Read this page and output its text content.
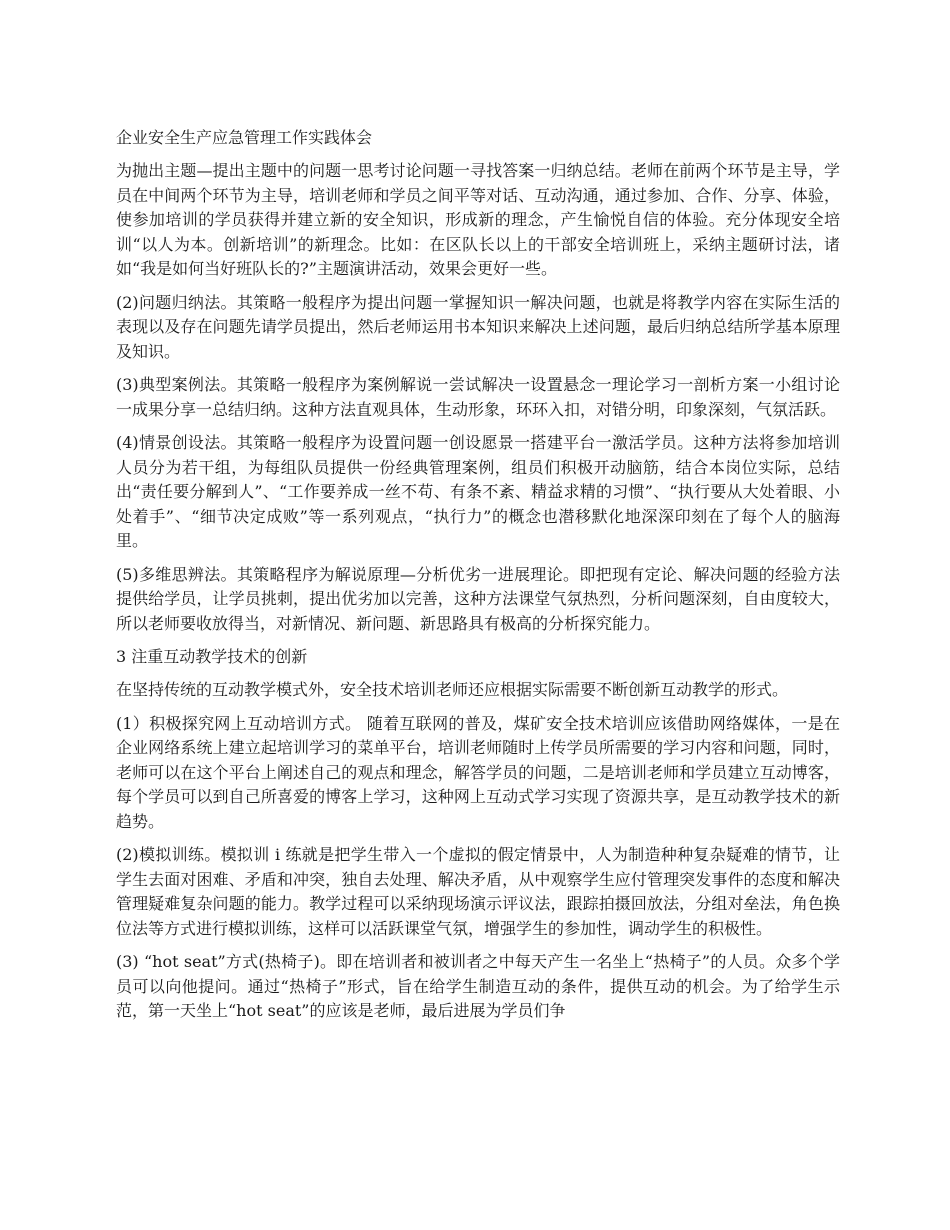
企业安全生产应急管理工作实践体会

为抛出主题—提出主题中的问题一思考讨论问题一寻找答案一归纳总结。老师在前两个环节是主导，学员在中间两个环节为主导，培训老师和学员之间平等对话、互动沟通，通过参加、合作、分享、体验，使参加培训的学员获得并建立新的安全知识，形成新的理念，产生愉悦自信的体验。充分体现安全培训“以人为本。创新培训”的新理念。比如：在区队长以上的干部安全培训班上，采纳主题研讨法，诸如“我是如何当好班队长的?”主题演讲活动，效果会更好一些。

(2)问题归纳法。其策略一般程序为提出问题一掌握知识一解决问题，也就是将教学内容在实际生活的表现以及存在问题先请学员提出，然后老师运用书本知识来解决上述问题，最后归纳总结所学基本原理及知识。

(3)典型案例法。其策略一般程序为案例解说一尝试解决一设置悬念一理论学习一剖析方案一小组讨论一成果分享一总结归纳。这种方法直观具体，生动形象，环环入扣，对错分明，印象深刻，气氛活跃。

(4)情景创设法。其策略一般程序为设置问题一创设愿景一搭建平台一激活学员。这种方法将参加培训人员分为若干组，为每组队员提供一份经典管理案例，组员们积极开动脑筋，结合本岗位实际，总结出“责任要分解到人”、“工作要养成一丝不苟、有条不紊、精益求精的习惯”、“执行要从大处着眼、小处着手”、“细节决定成败”等一系列观点，“执行力”的概念也潜移默化地深深印刻在了每个人的脑海里。

(5)多维思辨法。其策略程序为解说原理—分析优劣一进展理论。即把现有定论、解决问题的经验方法提供给学员，让学员挑刺，提出优劣加以完善，这种方法课堂气氛热烈，分析问题深刻，自由度较大，所以老师要收放得当，对新情况、新问题、新思路具有极高的分析探究能力。

3 注重互动教学技术的创新

在坚持传统的互动教学模式外，安全技术培训老师还应根据实际需要不断创新互动教学的形式。

(1）积极探究网上互动培训方式。 随着互联网的普及，煤矿安全技术培训应该借助网络媒体，一是在企业网络系统上建立起培训学习的菜单平台，培训老师随时上传学员所需要的学习内容和问题，同时，老师可以在这个平台上阐述自己的观点和理念，解答学员的问题，二是培训老师和学员建立互动博客，每个学员可以到自己所喜爱的博客上学习，这种网上互动式学习实现了资源共享，是互动教学技术的新趋势。

(2)模拟训练。模拟训 i 练就是把学生带入一个虚拟的假定情景中，人为制造种种复杂疑难的情节，让学生去面对困难、矛盾和冲突，独自去处理、解决矛盾，从中观察学生应付管理突发事件的态度和解决管理疑难复杂问题的能力。教学过程可以采纳现场演示评议法，跟踪拍摄回放法，分组对垒法，角色换位法等方式进行模拟训练，这样可以活跃课堂气氛，增强学生的参加性，调动学生的积极性。

(3) “hot seat”方式(热椅子)。即在培训者和被训者之中每天产生一名坐上“热椅子”的人员。众多个学员可以向他提问。通过“热椅子”形式，旨在给学生制造互动的条件，提供互动的机会。为了给学生示范，第一天坐上“hot seat”的应该是老师，最后进展为学员们争
